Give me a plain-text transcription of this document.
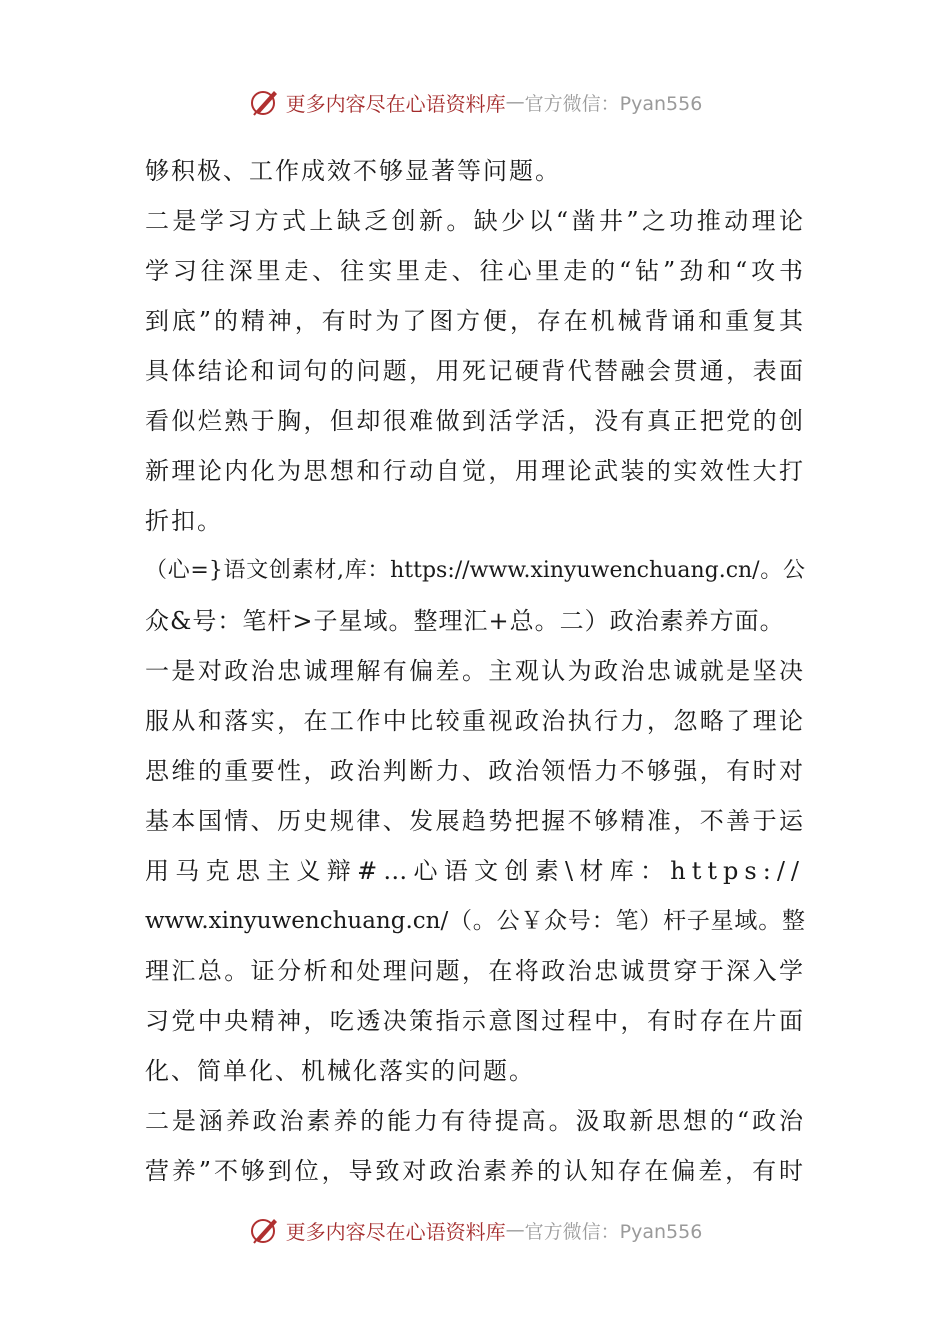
更多内容尽在心语资料库 — 官方微信：Pyan556
够积极、工作成效不够显著等问题。
二是学习方式上缺乏创新。缺少以“凿井”之功推动理论
学习往深里走、往实里走、往心里走的“钻”劲和“攻书
到底”的精神，有时为了图方便，存在机械背诵和重复其
具体结论和词句的问题，用死记硬背代替融会贯通，表面
看似烂熟于胸，但却很难做到活学活，没有真正把党的创
新理论内化为思想和行动自觉，用理论武装的实效性大打
折扣。
（心=}语文创素材,库：https://www.xinyuwenchuang.cn/。公
众&号：笔杆>子星域。整理汇+总。二）政治素养方面。
一是对政治忠诚理解有偏差。主观认为政治忠诚就是坚决
服从和落实，在工作中比较重视政治执行力，忽略了理论
思维的重要性，政治判断力、政治领悟力不够强，有时对
基本国情、历史规律、发展趋势把握不够精准，不善于运
用马克思主义辩#…心语文创素\材库：https://
www.xinyuwenchuang.cn/（。公￥众号：笔）杆子星域。整
理汇总。证分析和处理问题，在将政治忠诚贯穿于深入学
习党中央精神，吃透决策指示意图过程中，有时存在片面
化、简单化、机械化落实的问题。
二是涵养政治素养的能力有待提高。汲取新思想的“政治
营养”不够到位，导致对政治素养的认知存在偏差，有时
更多内容尽在心语资料库 — 官方微信：Pyan556
